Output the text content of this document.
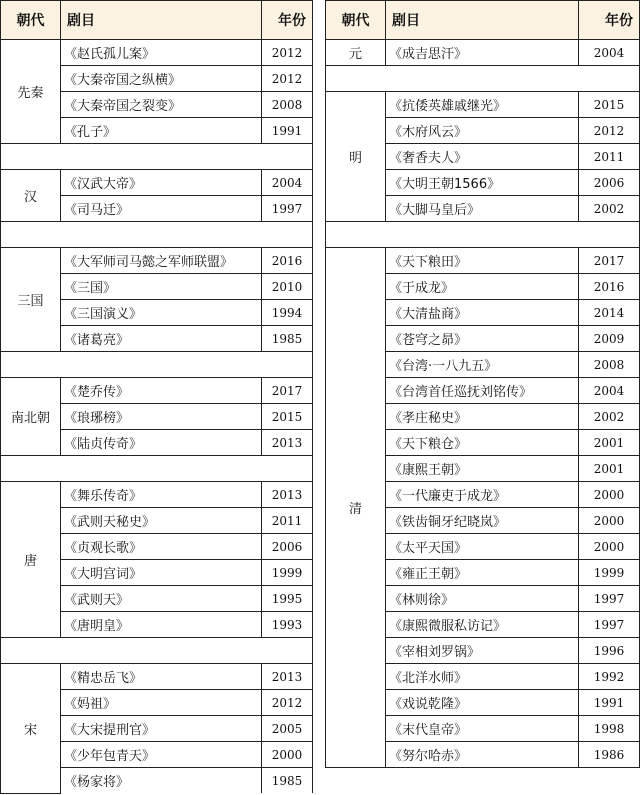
朝代	剧目	年份
先秦	《赵氏孤儿案》	2012
	《大秦帝国之纵横》	2012
	《大秦帝国之裂变》	2008
	《孔子》	1991

汉	《汉武大帝》	2004
	《司马迁》	1997

三国	《大军师司马懿之军师联盟》	2016
	《三国》	2010
	《三国演义》	1994
	《诸葛亮》	1985

南北朝	《楚乔传》	2017
	《琅琊榜》	2015
	《陆贞传奇》	2013

唐	《舞乐传奇》	2013
	《武则天秘史》	2011
	《贞观长歌》	2006
	《大明宫词》	1999
	《武则天》	1995
	《唐明皇》	1993

宋	《精忠岳飞》	2013
	《妈祖》	2012
	《大宋提刑官》	2005
	《少年包青天》	2000
	《杨家将》	1985
朝代	剧目	年份
元	《成吉思汗》	2004

明	《抗倭英雄戚继光》	2015
	《木府风云》	2012
	《奢香夫人》	2011
	《大明王朝1566》	2006
	《大脚马皇后》	2002

清	《天下粮田》	2017
	《于成龙》	2016
	《大清盐商》	2014
	《苍穹之昴》	2009
	《台湾·一八九五》	2008
	《台湾首任巡抚刘铭传》	2004
	《孝庄秘史》	2002
	《天下粮仓》	2001
	《康熙王朝》	2001
	《一代廉吏于成龙》	2000
	《铁齿铜牙纪晓岚》	2000
	《太平天国》	2000
	《雍正王朝》	1999
	《林则徐》	1997
	《康熙微服私访记》	1997
	《宰相刘罗锅》	1996
	《北洋水师》	1992
	《戏说乾隆》	1991
	《末代皇帝》	1998
	《努尔哈赤》	1986
